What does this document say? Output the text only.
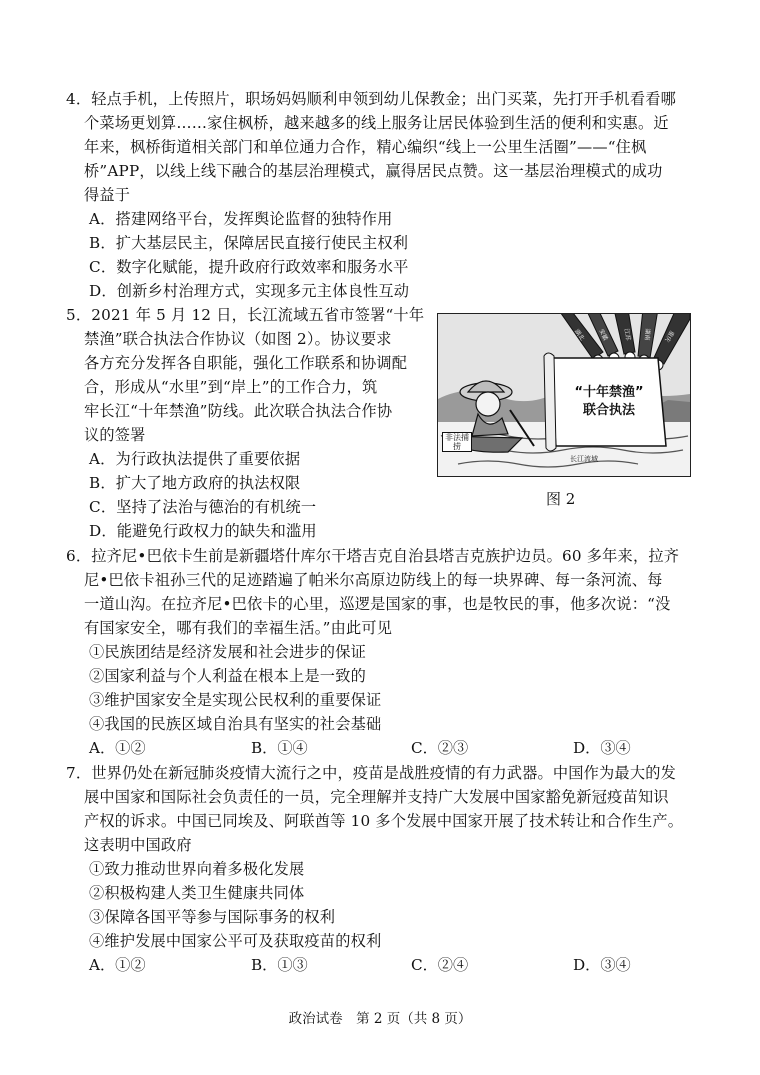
4．轻点手机，上传照片，职场妈妈顺利申领到幼儿保教金；出门买菜，先打开手机看看哪
个菜场更划算……家住枫桥，越来越多的线上服务让居民体验到生活的便利和实惠。近
年来，枫桥街道相关部门和单位通力合作，精心编织“线上一公里生活圈”——“住枫
桥”APP，以线上线下融合的基层治理模式，赢得居民点赞。这一基层治理模式的成功
得益于
A．搭建网络平台，发挥舆论监督的独特作用
B．扩大基层民主，保障居民直接行使民主权利
C．数字化赋能，提升政府行政效率和服务水平
D．创新乡村治理方式，实现多元主体良性互动
5．2021 年 5 月 12 日，长江流域五省市签署“十年
禁渔”联合执法合作协议（如图 2）。协议要求
各方充分发挥各自职能，强化工作联系和协调配
合，形成从“水里”到“岸上”的工作合力，筑
牢长江“十年禁渔”防线。此次联合执法合作协
议的签署
A．为行政执法提供了重要依据
B．扩大了地方政府的执法权限
C．坚持了法治与德治的有机统一
D．能避免行政权力的缺失和滥用
“十年禁渔”
联合执法
湖北 安徽	江苏	湖南	重庆
非法捕捞
长江流域
图 2
6．拉齐尼•巴依卡生前是新疆塔什库尔干塔吉克自治县塔吉克族护边员。60 多年来，拉齐
尼•巴依卡祖孙三代的足迹踏遍了帕米尔高原边防线上的每一块界碑、每一条河流、每
一道山沟。在拉齐尼•巴依卡的心里，巡逻是国家的事，也是牧民的事，他多次说：“没
有国家安全，哪有我们的幸福生活。”由此可见
①民族团结是经济发展和社会进步的保证
②国家利益与个人利益在根本上是一致的
③维护国家安全是实现公民权利的重要保证
④我国的民族区域自治具有坚实的社会基础
A．①②	B．①④	C．②③	D．③④
7．世界仍处在新冠肺炎疫情大流行之中，疫苗是战胜疫情的有力武器。中国作为最大的发
展中国家和国际社会负责任的一员，完全理解并支持广大发展中国家豁免新冠疫苗知识
产权的诉求。中国已同埃及、阿联酋等 10 多个发展中国家开展了技术转让和合作生产。
这表明中国政府
①致力推动世界向着多极化发展
②积极构建人类卫生健康共同体
③保障各国平等参与国际事务的权利
④维护发展中国家公平可及获取疫苗的权利
A．①②	B．①③	C．②④	D．③④
政治试卷　第 2 页（共 8 页）
